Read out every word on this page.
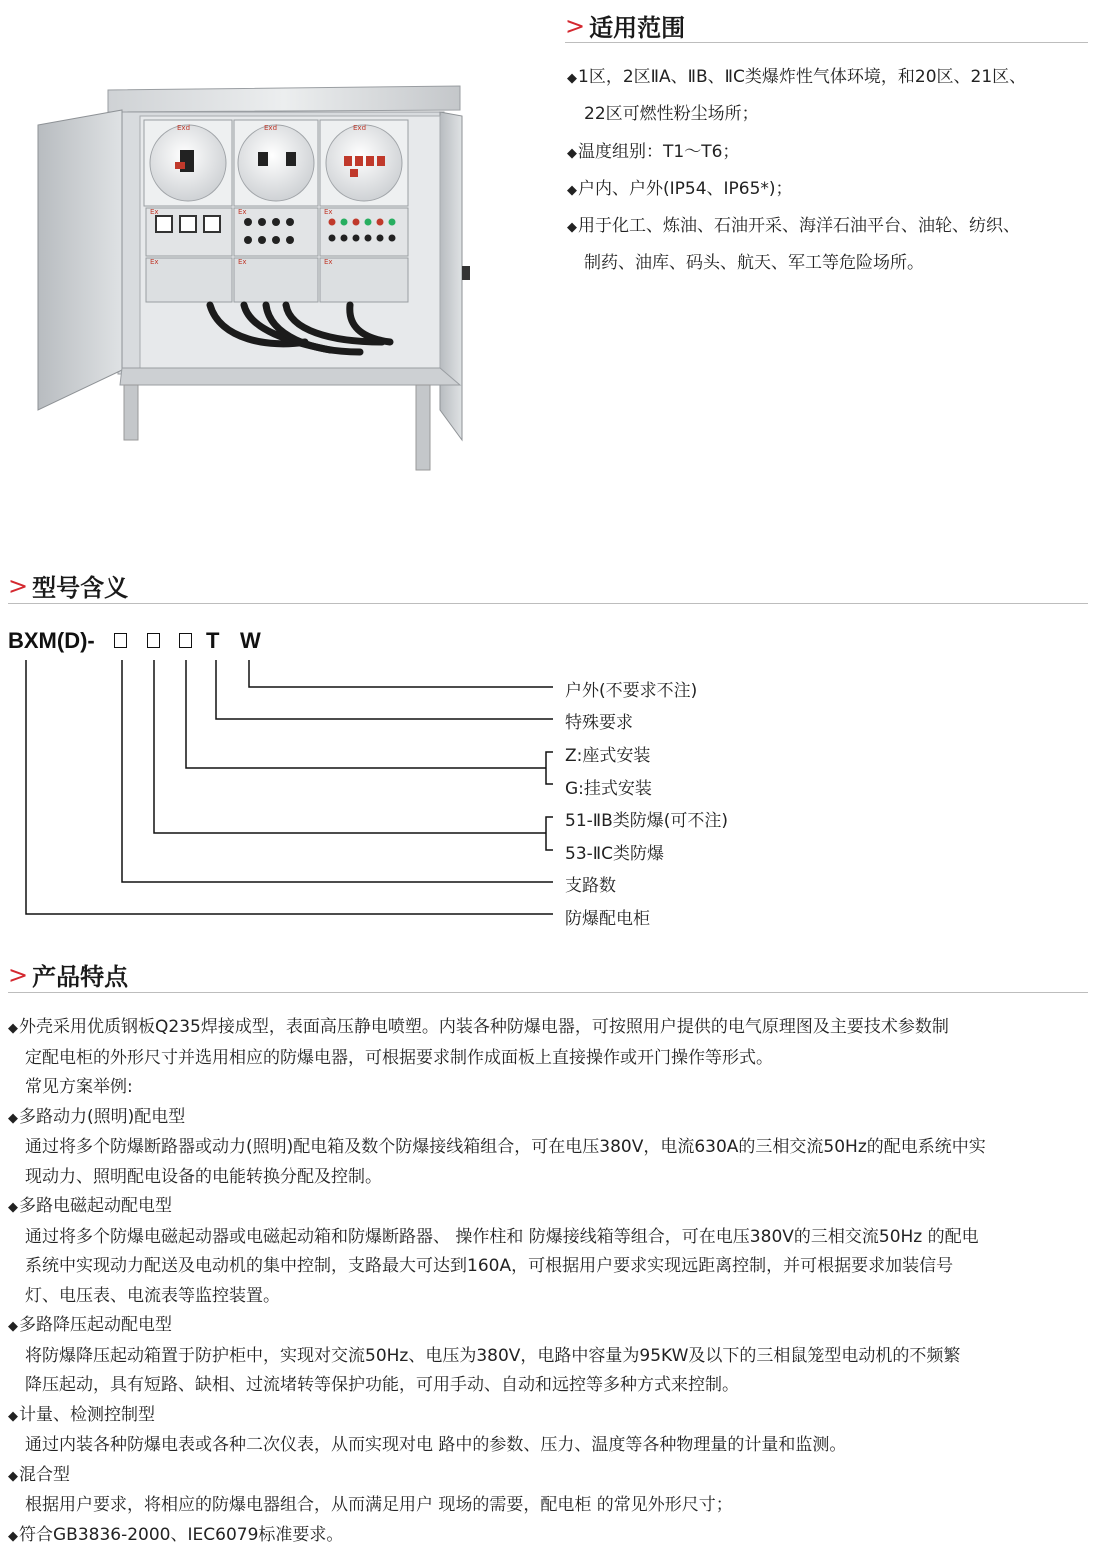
> 适用范围
◆1区，2区ⅡA、ⅡB、ⅡC类爆炸性气体环境，和20区、21区、
22区可燃性粉尘场所；
◆温度组别：T1～T6；
◆户内、户外(IP54、IP65*)；
◆用于化工、炼油、石油开采、海洋石油平台、油轮、纺织、
制药、油库、码头、航天、军工等危险场所。
Exd	Exd	Exd
Ex	Ex	Ex
Ex	Ex	Ex
> 型号含义
BXM(D)-	T W
户外(不要求不注)
特殊要求
Z:座式安装
G:挂式安装
51-ⅡB类防爆(可不注)
53-ⅡC类防爆
支路数
防爆配电柜
> 产品特点

◆外壳采用优质钢板Q235焊接成型，表面高压静电喷塑。内装各种防爆电器，可按照用户提供的电气原理图及主要技术参数制

定配电柜的外形尺寸并选用相应的防爆电器，可根据要求制作成面板上直接操作或开门操作等形式。

常见方案举例:

◆多路动力(照明)配电型

通过将多个防爆断路器或动力(照明)配电箱及数个防爆接线箱组合，可在电压380V，电流630A的三相交流50Hz的配电系统中实

现动力、照明配电设备的电能转换分配及控制。

◆多路电磁起动配电型

通过将多个防爆电磁起动器或电磁起动箱和防爆断路器、 操作柱和 防爆接线箱等组合，可在电压380V的三相交流50Hz 的配电

系统中实现动力配送及电动机的集中控制，支路最大可达到160A，可根据用户要求实现远距离控制，并可根据要求加装信号

灯、电压表、电流表等监控装置。

◆多路降压起动配电型

将防爆降压起动箱置于防护柜中，实现对交流50Hz、电压为380V，电路中容量为95KW及以下的三相鼠笼型电动机的不频繁

降压起动，具有短路、缺相、过流堵转等保护功能，可用手动、自动和远控等多种方式来控制。

◆计量、检测控制型

通过内装各种防爆电表或各种二次仪表，从而实现对电 路中的参数、压力、温度等各种物理量的计量和监测。

◆混合型

根据用户要求，将相应的防爆电器组合，从而满足用户 现场的需要，配电柜 的常见外形尺寸；

◆符合GB3836-2000、IEC6079标准要求。
